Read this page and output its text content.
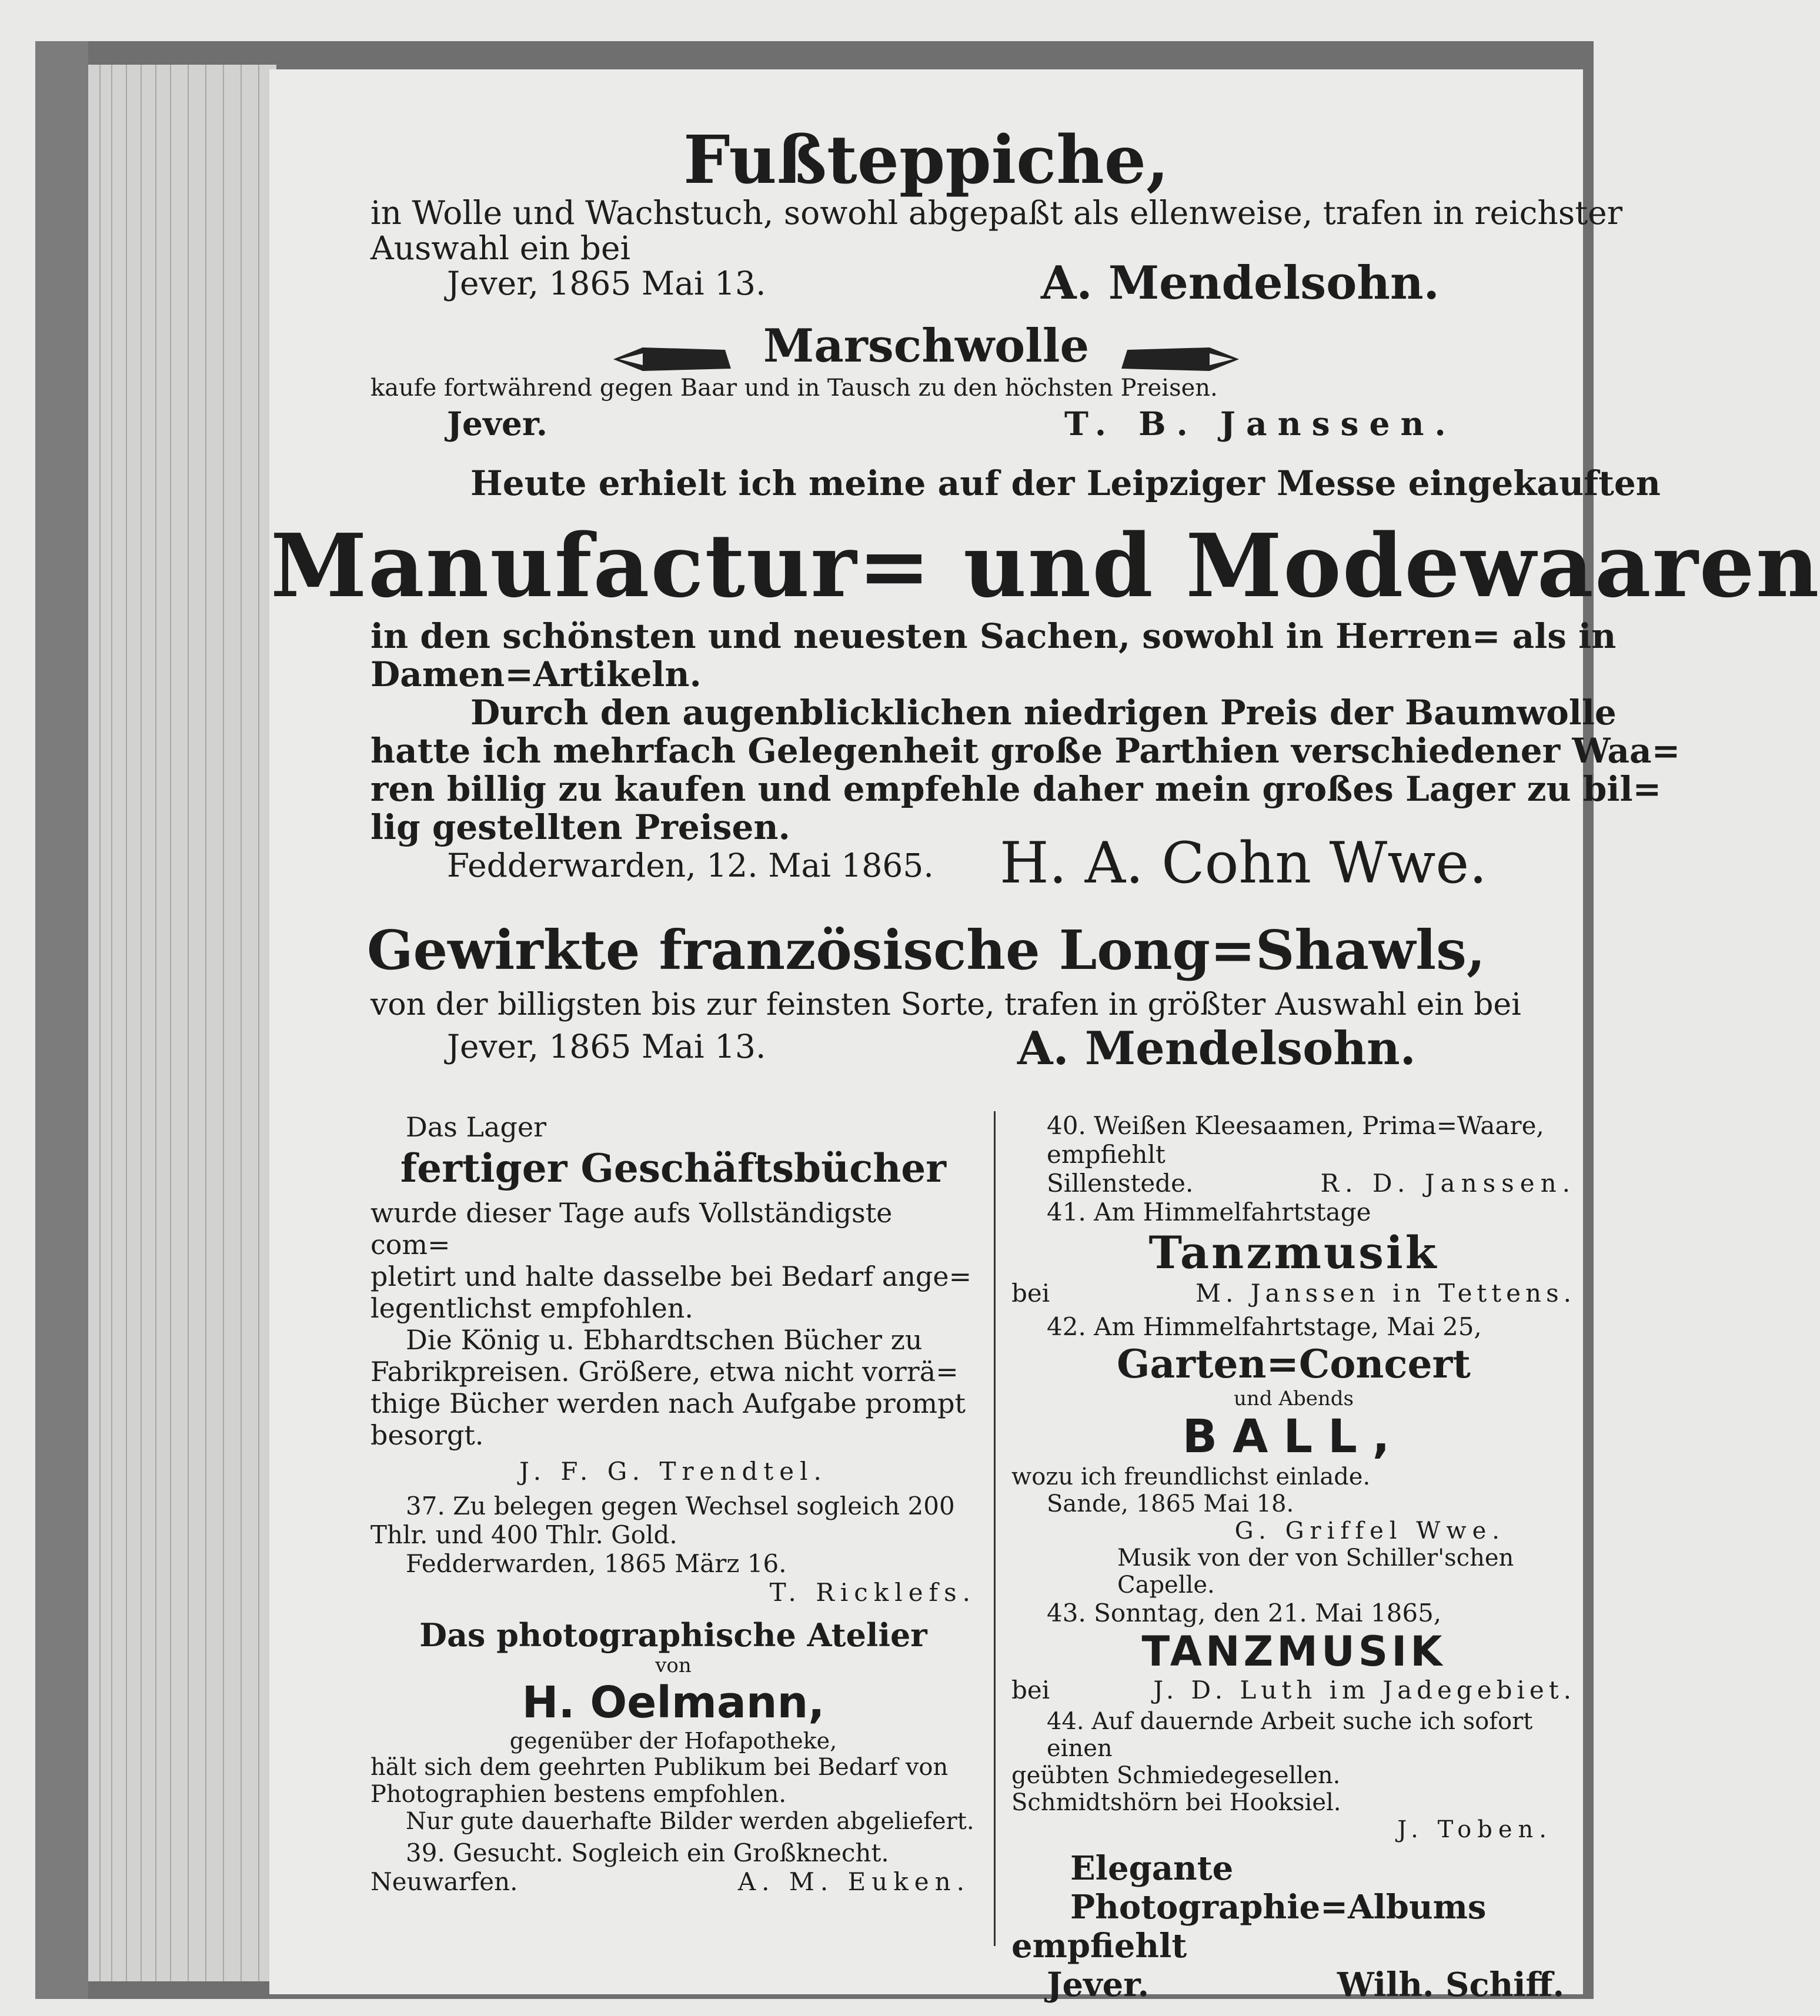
Fußteppiche,
in Wolle und Wachstuch, sowohl abgepaßt als ellenweise, trafen in reichster
Auswahl ein bei
Jever, 1865 Mai 13.	A. Mendelsohn.
Marschwolle
kaufe fortwährend gegen Baar und in Tausch zu den höchsten Preisen.
Jever.	T. B. Janssen.
Heute erhielt ich meine auf der Leipziger Messe eingekauften
Manufactur= und Modewaaren
in den schönsten und neuesten Sachen, sowohl in Herren= als in
Damen=Artikeln.
Durch den augenblicklichen niedrigen Preis der Baumwolle
hatte ich mehrfach Gelegenheit große Parthien verschiedener Waa=
ren billig zu kaufen und empfehle daher mein großes Lager zu bil=
lig gestellten Preisen.
Fedderwarden, 12. Mai 1865. H. A. Cohn Wwe.
Gewirkte französische Long=Shawls,
von der billigsten bis zur feinsten Sorte, trafen in größter Auswahl ein bei
Jever, 1865 Mai 13.	A. Mendelsohn.
Das Lager
fertiger Geschäftsbücher
wurde dieser Tage aufs Vollständigste com=
pletirt und halte dasselbe bei Bedarf ange=
legentlichst empfohlen.
Die König u. Ebhardtschen Bücher zu
Fabrikpreisen. Größere, etwa nicht vorrä=
thige Bücher werden nach Aufgabe prompt
besorgt.
J. F. G. Trendtel.
37. Zu belegen gegen Wechsel sogleich 200
Thlr. und 400 Thlr. Gold.
Fedderwarden, 1865 März 16.
T. Ricklefs.
Das photographische Atelier
von
H. Oelmann,
gegenüber der Hofapotheke,
hält sich dem geehrten Publikum bei Bedarf von
Photographien bestens empfohlen.
Nur gute dauerhafte Bilder werden abgeliefert.
39. Gesucht. Sogleich ein Großknecht.
Neuwarfen.	A. M. Euken.
40. Weißen Kleesaamen, Prima=Waare, empfiehlt
Sillenstede.	R. D. Janssen.
41. Am Himmelfahrtstage
Tanzmusik
bei	M. Janssen in Tettens.
42. Am Himmelfahrtstage, Mai 25,
Garten=Concert
und Abends
BALL,
wozu ich freundlichst einlade.
Sande, 1865 Mai 18.
G. Griffel Wwe.
Musik von der von Schiller'schen Capelle.
43. Sonntag, den 21. Mai 1865,
TANZMUSIK
bei	J. D. Luth im Jadegebiet.
44. Auf dauernde Arbeit suche ich sofort einen
geübten Schmiedegesellen.
Schmidtshörn bei Hooksiel.
J. Toben.
Elegante Photographie=Albums
empfiehlt
Jever.	Wilh. Schiff.
